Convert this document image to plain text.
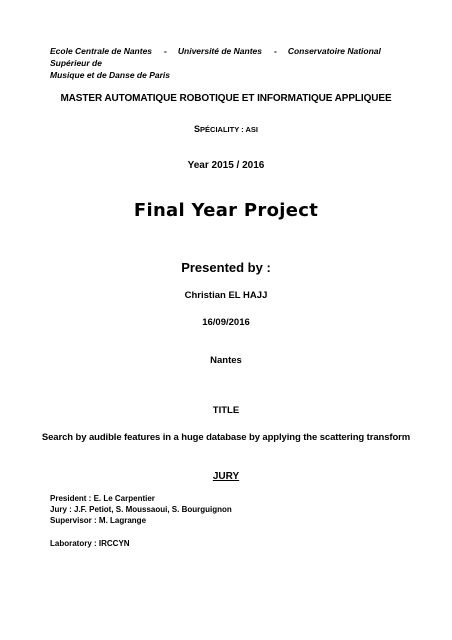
Ecole Centrale de Nantes - Université de Nantes - Conservatoire National Supérieur de
Musique et de Danse de Paris
MASTER AUTOMATIQUE ROBOTIQUE ET INFORMATIQUE APPLIQUEE
SPÉCIALITY : ASI
Year 2015 / 2016
Final Year Project
Presented by :
Christian EL HAJJ
16/09/2016
Nantes
TITLE
Search by audible features in a huge database by applying the scattering transform
JURY
President : E. Le Carpentier
Jury : J.F. Petiot, S. Moussaoui, S. Bourguignon
Supervisor : M. Lagrange
Laboratory : IRCCYN
